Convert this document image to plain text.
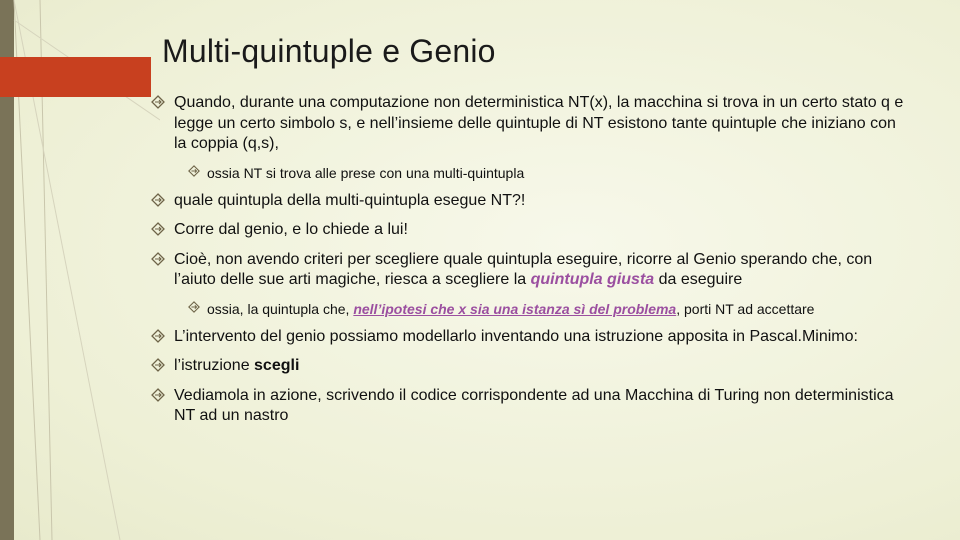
Multi-quintuple e Genio
Quando, durante una computazione non deterministica NT(x), la macchina si trova in un certo stato q e legge un certo simbolo s, e nell’insieme delle quintuple di NT esistono tante quintuple che iniziano con la coppia (q,s),
ossia NT si trova alle prese con una multi-quintupla
quale quintupla della multi-quintupla esegue NT?!
Corre dal genio, e lo chiede a lui!
Cioè, non avendo criteri per scegliere quale quintupla eseguire, ricorre al Genio sperando che, con l’aiuto delle sue arti magiche, riesca a scegliere la quintupla giusta da eseguire
ossia, la quintupla che, nell’ipotesi che x sia una istanza sì del problema, porti NT ad accettare
L’intervento del genio possiamo modellarlo inventando una istruzione apposita in Pascal.Minimo:
l’istruzione scegli
Vediamola in azione, scrivendo il codice corrispondente ad una Macchina di Turing non deterministica NT ad un nastro
